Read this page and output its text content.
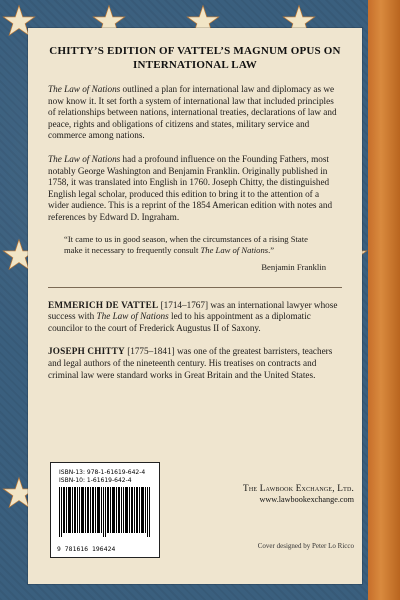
CHITTY’S EDITION OF VATTEL’S MAGNUM OPUS ON INTERNATIONAL LAW

The Law of Nations outlined a plan for international law and diplomacy as we now know it. It set forth a system of international law that included principles of relationships between nations, international treaties, declarations of law and peace, rights and obligations of citizens and states, military service and commerce among nations.

The Law of Nations had a profound influence on the Founding Fathers, most notably George Washington and Benjamin Franklin. Originally published in 1758, it was translated into English in 1760. Joseph Chitty, the distinguished English legal scholar, produced this edition to bring it to the attention of a wider audience. This is a reprint of the 1854 American edition with notes and references by Edward D. Ingraham.

“It came to us in good season, when the circumstances of a rising State make it necessary to frequently consult The Law of Nations.”
Benjamin Franklin

EMMERICH DE VATTEL [1714–1767] was an international lawyer whose success with The Law of Nations led to his appointment as a diplomatic councilor to the court of Frederick Augustus II of Saxony.

JOSEPH CHITTY [1775–1841] was one of the greatest barristers, teachers and legal authors of the nineteenth century. His treatises on contracts and criminal law were standard works in Great Britain and the United States.

ISBN-13: 978-1-61619-642-4
ISBN-10: 1-61619-642-4
9 781616 196424
The Lawbook Exchange, Ltd.
www.lawbookexchange.com
Cover designed by Peter Lo Ricco
